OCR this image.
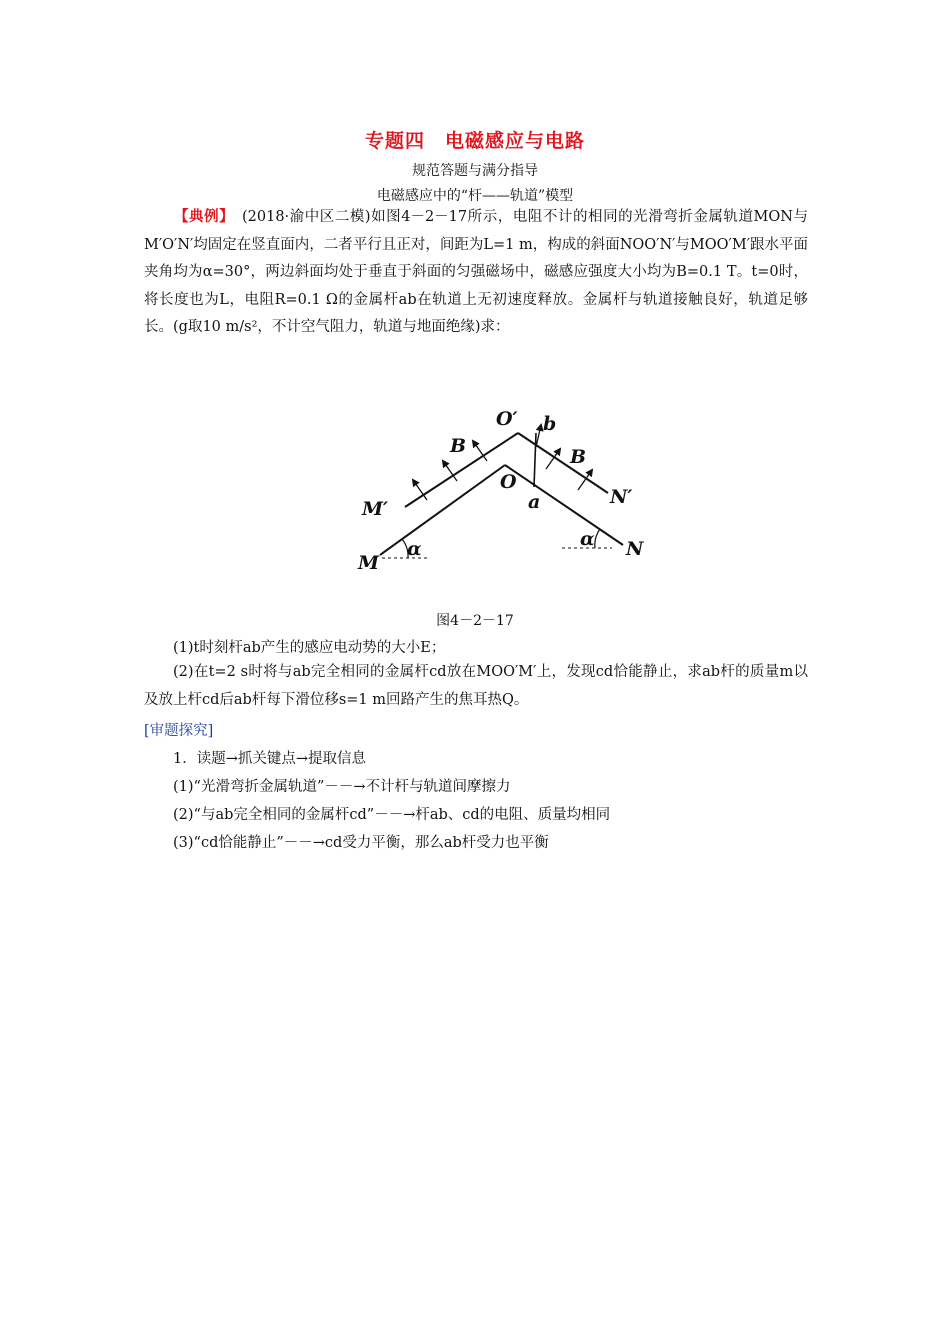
专题四　电磁感应与电路
规范答题与满分指导
电磁感应中的“杆——轨道”模型
【典例】　(2018·渝中区二模)如图4－2－17所示，电阻不计的相同的光滑弯折金属轨道MON与M′O′N′均固定在竖直面内，二者平行且正对，间距为L=1 m，构成的斜面NOO′N′与MOO′M′跟水平面夹角均为α=30°，两边斜面均处于垂直于斜面的匀强磁场中，磁感应强度大小均为B=0.1 T。t=0时，将长度也为L，电阻R=0.1 Ω的金属杆ab在轨道上无初速度释放。金属杆与轨道接触良好，轨道足够长。(g取10 m/s²，不计空气阻力，轨道与地面绝缘)求：
O′ b
B	B
O
M′	a	N′
α	α
M
N
图4－2－17
(1)t时刻杆ab产生的感应电动势的大小E；
(2)在t=2 s时将与ab完全相同的金属杆cd放在MOO′M′上，发现cd恰能静止，求ab杆的质量m以及放上杆cd后ab杆每下滑位移s=1 m回路产生的焦耳热Q。
[审题探究]
1．读题→抓关键点→提取信息
(1)“光滑弯折金属轨道”－－→不计杆与轨道间摩擦力
(2)“与ab完全相同的金属杆cd”－－→杆ab、cd的电阻、质量均相同
(3)“cd恰能静止”－－→cd受力平衡，那么ab杆受力也平衡
